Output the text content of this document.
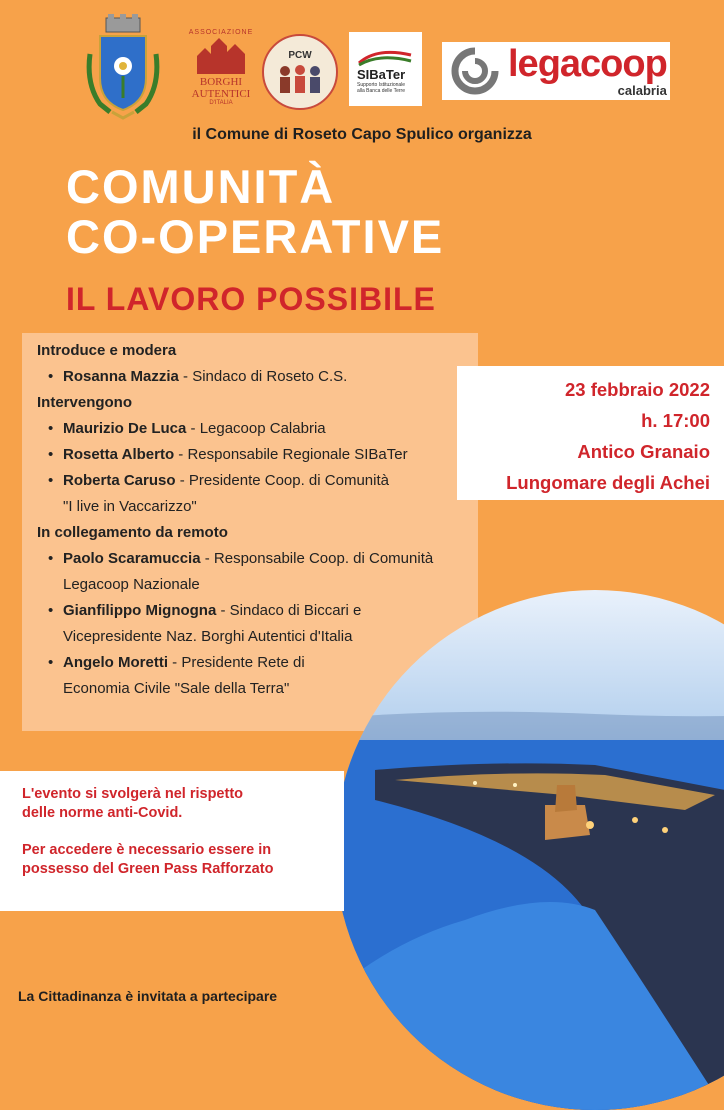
ASSOCIAZIONE
BORGHI
AUTENTICI
D'ITALIA
PCW
SIBaTer
Supporto Istituzionale
alla Banca delle Terre
legacoop
calabria
il Comune di Roseto Capo Spulico organizza
COMUNITÀ
CO-OPERATIVE
IL LAVORO POSSIBILE
Introduce e modera
• Rosanna Mazzia - Sindaco di Roseto C.S.
Intervengono
• Maurizio De Luca - Legacoop Calabria
• Rosetta Alberto - Responsabile Regionale SIBaTer
• Roberta Caruso - Presidente Coop. di Comunità
"I live in Vaccarizzo"
In collegamento da remoto
• Paolo Scaramuccia - Responsabile Coop. di Comunità
Legacoop Nazionale
• Gianfilippo Mignogna - Sindaco di Biccari e
Vicepresidente Naz. Borghi Autentici d'Italia
• Angelo Moretti - Presidente Rete di
Economia Civile "Sale della Terra"
23 febbraio 2022
h. 17:00
Antico Granaio
Lungomare degli Achei

L'evento si svolgerà nel rispetto
delle norme anti-Covid.

Per accedere è necessario essere in
possesso del Green Pass Rafforzato

La Cittadinanza è invitata a partecipare
